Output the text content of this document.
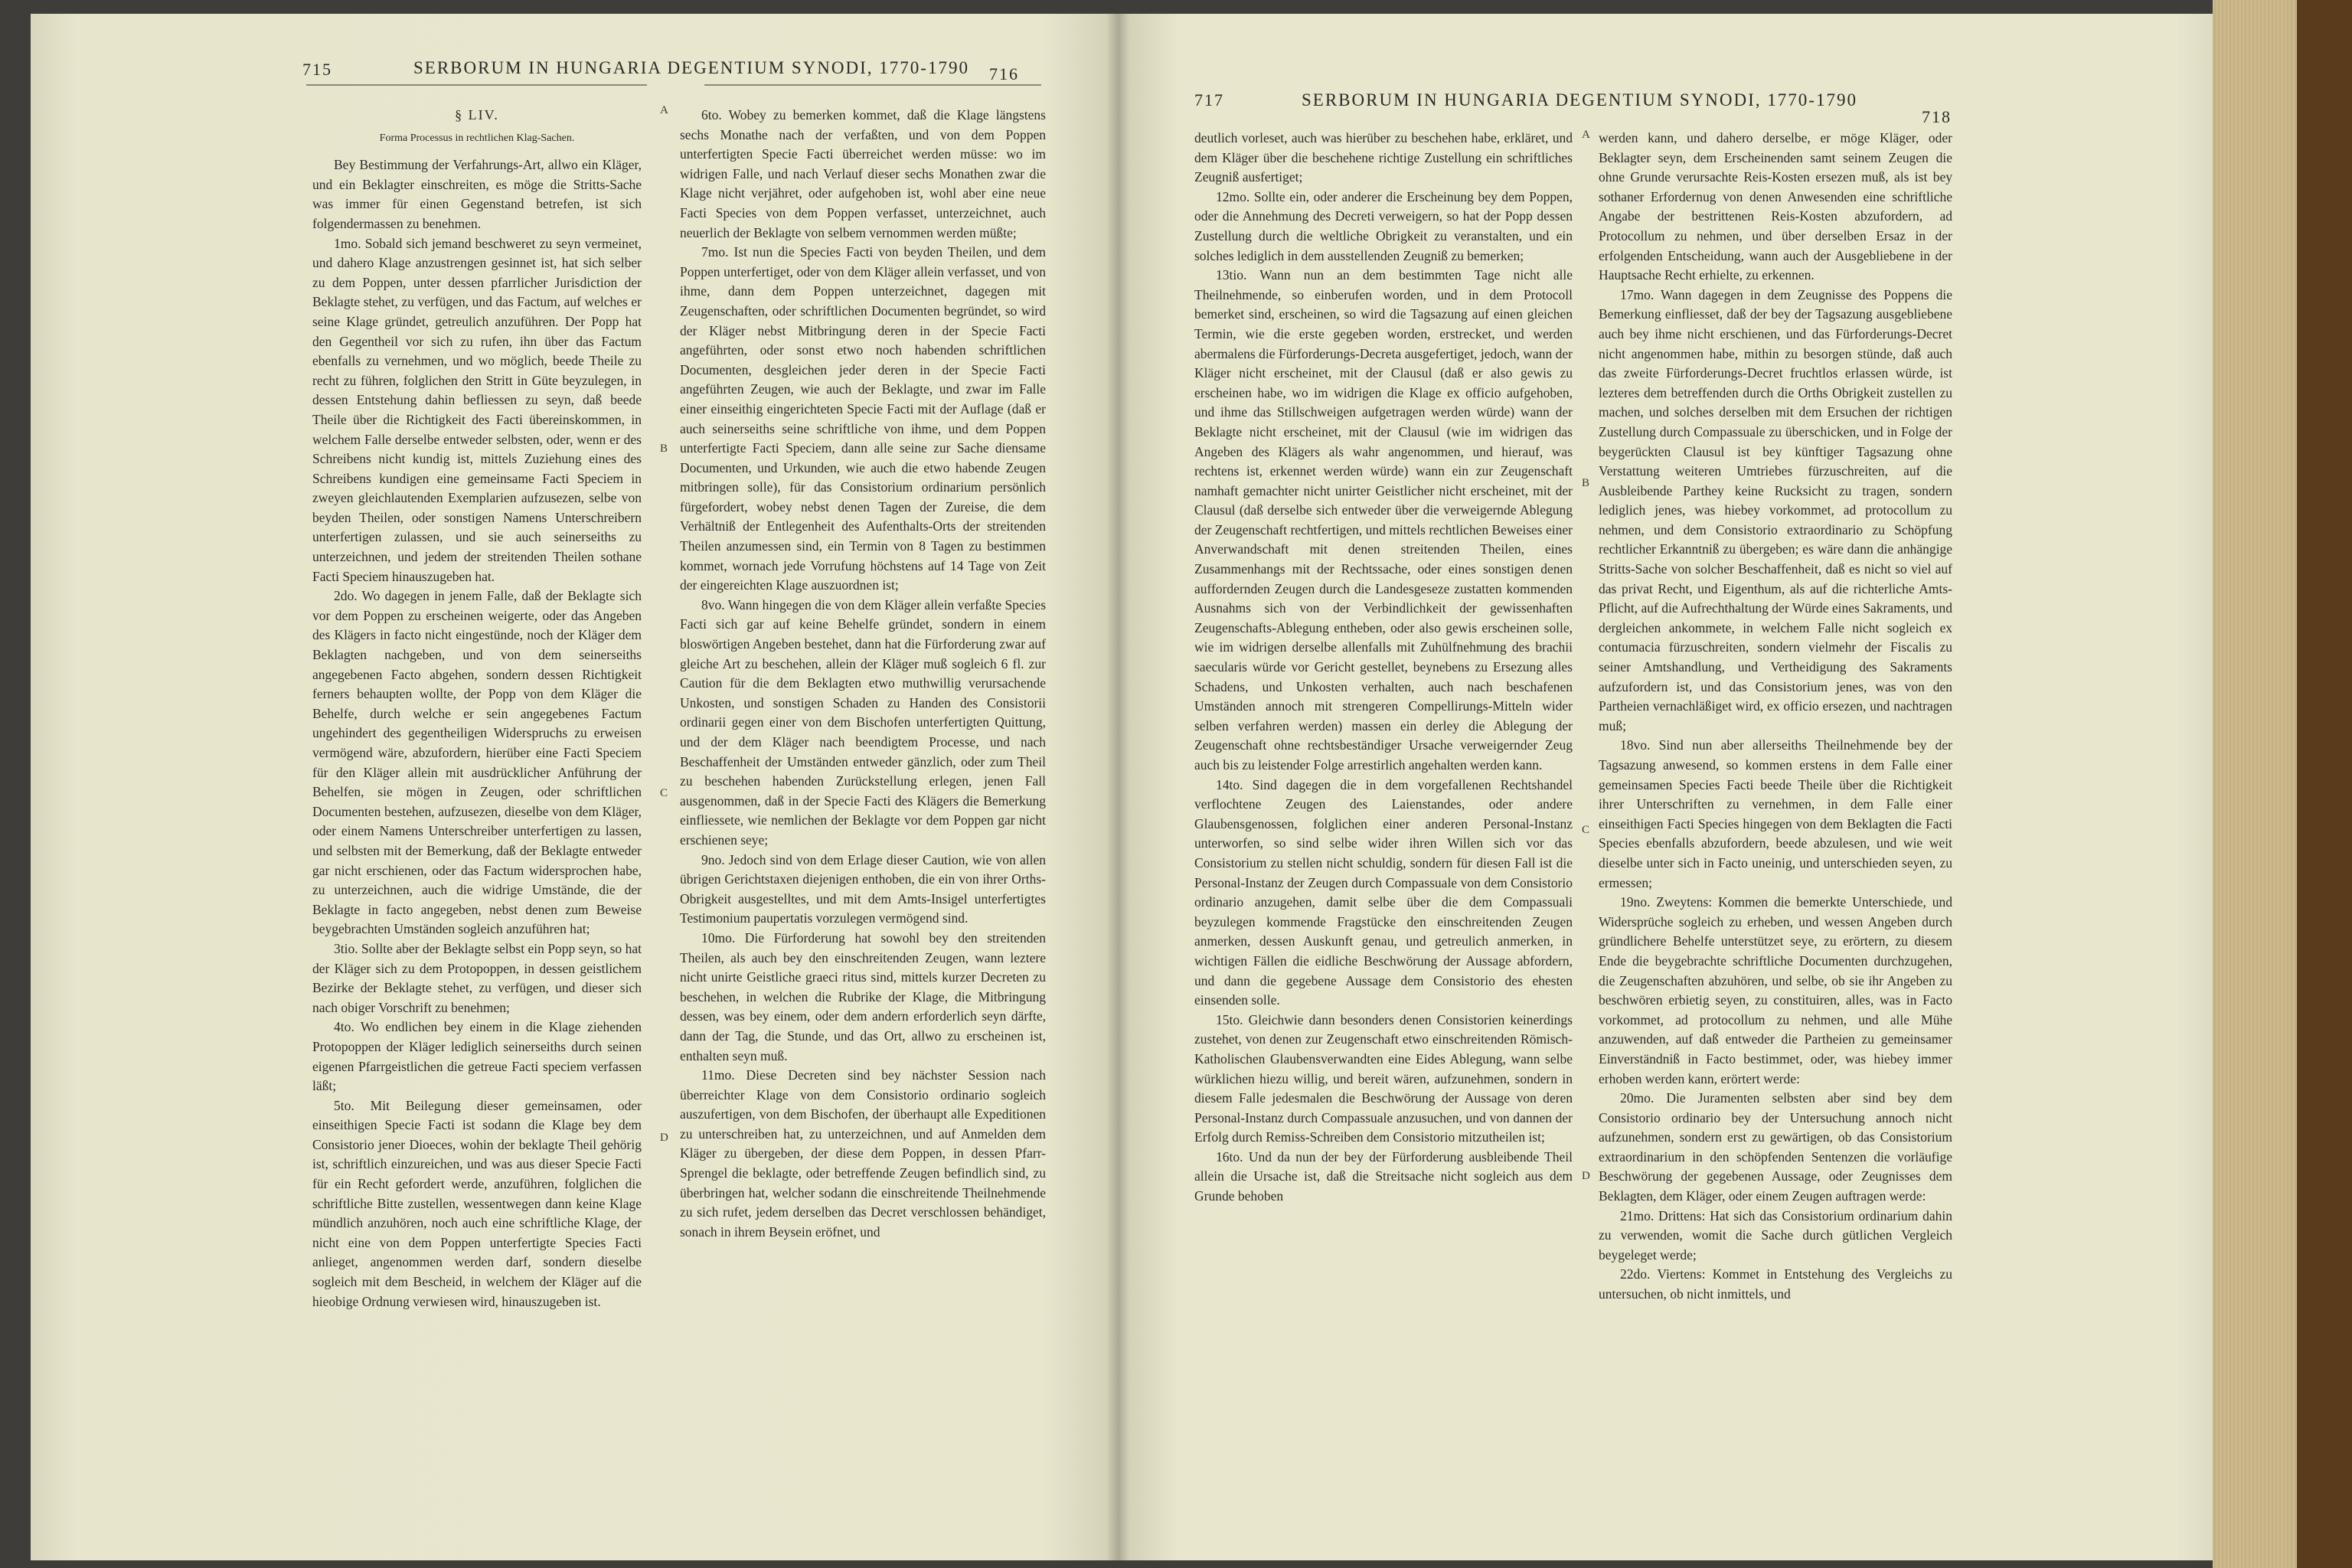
715	SERBORUM IN HUNGARIA DEGENTIUM SYNODI, 1770-1790 716
§ LIV.
Forma Processus in rechtlichen Klag-Sachen.

Bey Bestimmung der Verfahrungs-Art, allwo ein Kläger, und ein Beklagter einschreiten, es möge die Stritts-Sache was immer für einen Gegenstand betrefen, ist sich folgendermassen zu benehmen.

1mo. Sobald sich jemand beschweret zu seyn vermeinet, und dahero Klage anzustrengen gesinnet ist, hat sich selber zu dem Poppen, unter dessen pfarrlicher Jurisdiction der Beklagte stehet, zu verfügen, und das Factum, auf welches er seine Klage gründet, getreulich anzuführen. Der Popp hat den Gegentheil vor sich zu rufen, ihn über das Factum ebenfalls zu vernehmen, und wo möglich, beede Theile zu recht zu führen, folglichen den Stritt in Güte beyzulegen, in dessen Entstehung dahin befliessen zu seyn, daß beede Theile über die Richtigkeit des Facti übereinskommen, in welchem Falle derselbe entweder selbsten, oder, wenn er des Schreibens nicht kundig ist, mittels Zuziehung eines des Schreibens kundigen eine gemeinsame Facti Speciem in zweyen gleichlautenden Exemplarien aufzusezen, selbe von beyden Theilen, oder sonstigen Namens Unterschreibern unterfertigen zulassen, und sie auch seinerseiths zu unterzeichnen, und jedem der streitenden Theilen sothane Facti Speciem hinauszugeben hat.

2do. Wo dagegen in jenem Falle, daß der Beklagte sich vor dem Poppen zu erscheinen weigerte, oder das Angeben des Klägers in facto nicht eingestünde, noch der Kläger dem Beklagten nachgeben, und von dem seinerseiths angegebenen Facto abgehen, sondern dessen Richtigkeit ferners behaupten wollte, der Popp von dem Kläger die Behelfe, durch welche er sein angegebenes Factum ungehindert des gegentheiligen Widerspruchs zu erweisen vermögend wäre, abzufordern, hierüber eine Facti Speciem für den Kläger allein mit ausdrücklicher Anführung der Behelfen, sie mögen in Zeugen, oder schriftlichen Documenten bestehen, aufzusezen, dieselbe von dem Kläger, oder einem Namens Unterschreiber unterfertigen zu lassen, und selbsten mit der Bemerkung, daß der Beklagte entweder gar nicht erschienen, oder das Factum widersprochen habe, zu unterzeichnen, auch die widrige Umstände, die der Beklagte in facto angegeben, nebst denen zum Beweise beygebrachten Umständen sogleich anzuführen hat;

3tio. Sollte aber der Beklagte selbst ein Popp seyn, so hat der Kläger sich zu dem Protopoppen, in dessen geistlichem Bezirke der Beklagte stehet, zu verfügen, und dieser sich nach obiger Vorschrift zu benehmen;

4to. Wo endlichen bey einem in die Klage ziehenden Protopoppen der Kläger lediglich seinerseiths durch seinen eigenen Pfarrgeistlichen die getreue Facti speciem verfassen läßt;

5to. Mit Beilegung dieser gemeinsamen, oder einseithigen Specie Facti ist sodann die Klage bey dem Consistorio jener Dioeces, wohin der beklagte Theil gehörig ist, schriftlich einzureichen, und was aus dieser Specie Facti für ein Recht gefordert werde, anzuführen, folglichen die schriftliche Bitte zustellen, wessentwegen dann keine Klage mündlich anzuhören, noch auch eine schriftliche Klage, der nicht eine von dem Poppen unterfertigte Species Facti anlieget, angenommen werden darf, sondern dieselbe sogleich mit dem Bescheid, in welchem der Kläger auf die hieobige Ordnung verwiesen wird, hinauszugeben ist.

6to. Wobey zu bemerken kommet, daß die Klage längstens sechs Monathe nach der verfaßten, und von dem Poppen unterfertigten Specie Facti überreichet werden müsse: wo im widrigen Falle, und nach Verlauf dieser sechs Monathen zwar die Klage nicht verjähret, oder aufgehoben ist, wohl aber eine neue Facti Species von dem Poppen verfasset, unterzeichnet, auch neuerlich der Beklagte von selbem vernommen werden müßte;

7mo. Ist nun die Species Facti von beyden Theilen, und dem Poppen unterfertiget, oder von dem Kläger allein verfasset, und von ihme, dann dem Poppen unterzeichnet, dagegen mit Zeugenschaften, oder schriftlichen Documenten begründet, so wird der Kläger nebst Mitbringung deren in der Specie Facti angeführten, oder sonst etwo noch habenden schriftlichen Documenten, desgleichen jeder deren in der Specie Facti angeführten Zeugen, wie auch der Beklagte, und zwar im Falle einer einseithig eingerichteten Specie Facti mit der Auflage (daß er auch seinerseiths seine schriftliche von ihme, und dem Poppen unterfertigte Facti Speciem, dann alle seine zur Sache diensame Documenten, und Urkunden, wie auch die etwo habende Zeugen mitbringen solle), für das Consistorium ordinarium persönlich fürgefordert, wobey nebst denen Tagen der Zureise, die dem Verhältniß der Entlegenheit des Aufenthalts-Orts der streitenden Theilen anzumessen sind, ein Termin von 8 Tagen zu bestimmen kommet, wornach jede Vorrufung höchstens auf 14 Tage von Zeit der eingereichten Klage auszuordnen ist;

8vo. Wann hingegen die von dem Kläger allein verfaßte Species Facti sich gar auf keine Behelfe gründet, sondern in einem bloswörtigen Angeben bestehet, dann hat die Fürforderung zwar auf gleiche Art zu beschehen, allein der Kläger muß sogleich 6 fl. zur Caution für die dem Beklagten etwo muthwillig verursachende Unkosten, und sonstigen Schaden zu Handen des Consistorii ordinarii gegen einer von dem Bischofen unterfertigten Quittung, und der dem Kläger nach beendigtem Processe, und nach Beschaffenheit der Umständen entweder gänzlich, oder zum Theil zu beschehen habenden Zurückstellung erlegen, jenen Fall ausgenommen, daß in der Specie Facti des Klägers die Bemerkung einfliessete, wie nemlichen der Beklagte vor dem Poppen gar nicht erschienen seye;

9no. Jedoch sind von dem Erlage dieser Caution, wie von allen übrigen Gerichtstaxen diejenigen enthoben, die ein von ihrer Orths-Obrigkeit ausgestelltes, und mit dem Amts-Insigel unterfertigtes Testimonium paupertatis vorzulegen vermögend sind.

10mo. Die Fürforderung hat sowohl bey den streitenden Theilen, als auch bey den einschreitenden Zeugen, wann leztere nicht unirte Geistliche graeci ritus sind, mittels kurzer Decreten zu beschehen, in welchen die Rubrike der Klage, die Mitbringung dessen, was bey einem, oder dem andern erforderlich seyn därfte, dann der Tag, die Stunde, und das Ort, allwo zu erscheinen ist, enthalten seyn muß.

11mo. Diese Decreten sind bey nächster Session nach überreichter Klage von dem Consistorio ordinario sogleich auszufertigen, von dem Bischofen, der überhaupt alle Expeditionen zu unterschreiben hat, zu unterzeichnen, und auf Anmelden dem Kläger zu übergeben, der diese dem Poppen, in dessen Pfarr-Sprengel die beklagte, oder betreffende Zeugen befindlich sind, zu überbringen hat, welcher sodann die einschreitende Theilnehmende zu sich rufet, jedem derselben das Decret verschlossen behändiget, sonach in ihrem Beysein eröfnet, und

A
B
C
D
717	SERBORUM IN HUNGARIA DEGENTIUM SYNODI, 1770-1790
718

deutlich vorleset, auch was hierüber zu beschehen habe, erkläret, und dem Kläger über die beschehene richtige Zustellung ein schriftliches Zeugniß ausfertiget;

12mo. Sollte ein, oder anderer die Erscheinung bey dem Poppen, oder die Annehmung des Decreti verweigern, so hat der Popp dessen Zustellung durch die weltliche Obrigkeit zu veranstalten, und ein solches lediglich in dem ausstellenden Zeugniß zu bemerken;

13tio. Wann nun an dem bestimmten Tage nicht alle Theilnehmende, so einberufen worden, und in dem Protocoll bemerket sind, erscheinen, so wird die Tagsazung auf einen gleichen Termin, wie die erste gegeben worden, erstrecket, und werden abermalens die Fürforderungs-Decreta ausgefertiget, jedoch, wann der Kläger nicht erscheinet, mit der Clausul (daß er also gewis zu erscheinen habe, wo im widrigen die Klage ex officio aufgehoben, und ihme das Stillschweigen aufgetragen werden würde) wann der Beklagte nicht erscheinet, mit der Clausul (wie im widrigen das Angeben des Klägers als wahr angenommen, und hierauf, was rechtens ist, erkennet werden würde) wann ein zur Zeugenschaft namhaft gemachter nicht unirter Geistlicher nicht erscheinet, mit der Clausul (daß derselbe sich entweder über die verweigernde Ablegung der Zeugenschaft rechtfertigen, und mittels rechtlichen Beweises einer Anverwandschaft mit denen streitenden Theilen, eines Zusammenhangs mit der Rechtssache, oder eines sonstigen denen auffordernden Zeugen durch die Landesgeseze zustatten kommenden Ausnahms sich von der Verbindlichkeit der gewissenhaften Zeugenschafts-Ablegung entheben, oder also gewis erscheinen solle, wie im widrigen derselbe allenfalls mit Zuhülfnehmung des brachii saecularis würde vor Gericht gestellet, beynebens zu Ersezung alles Schadens, und Unkosten verhalten, auch nach beschafenen Umständen annoch mit strengeren Compellirungs-Mitteln wider selben verfahren werden) massen ein derley die Ablegung der Zeugenschaft ohne rechtsbeständiger Ursache verweigernder Zeug auch bis zu leistender Folge arrestirlich angehalten werden kann.

14to. Sind dagegen die in dem vorgefallenen Rechtshandel verflochtene Zeugen des Laienstandes, oder andere Glaubensgenossen, folglichen einer anderen Personal-Instanz unterworfen, so sind selbe wider ihren Willen sich vor das Consistorium zu stellen nicht schuldig, sondern für diesen Fall ist die Personal-Instanz der Zeugen durch Compassuale von dem Consistorio ordinario anzugehen, damit selbe über die dem Compassuali beyzulegen kommende Fragstücke den einschreitenden Zeugen anmerken, dessen Auskunft genau, und getreulich anmerken, in wichtigen Fällen die eidliche Beschwörung der Aussage abfordern, und dann die gegebene Aussage dem Consistorio des ehesten einsenden solle.

15to. Gleichwie dann besonders denen Consistorien keinerdings zustehet, von denen zur Zeugenschaft etwo einschreitenden Römisch-Katholischen Glaubensverwandten eine Eides Ablegung, wann selbe würklichen hiezu willig, und bereit wären, aufzunehmen, sondern in diesem Falle jedesmalen die Beschwörung der Aussage von deren Personal-Instanz durch Compassuale anzusuchen, und von dannen der Erfolg durch Remiss-Schreiben dem Consistorio mitzutheilen ist;

16to. Und da nun der bey der Fürforderung ausbleibende Theil allein die Ursache ist, daß die Streitsache nicht sogleich aus dem Grunde behoben

werden kann, und dahero derselbe, er möge Kläger, oder Beklagter seyn, dem Erscheinenden samt seinem Zeugen die ohne Grunde verursachte Reis-Kosten ersezen muß, als ist bey sothaner Erfordernug von denen Anwesenden eine schriftliche Angabe der bestrittenen Reis-Kosten abzufordern, ad Protocollum zu nehmen, und über derselben Ersaz in der erfolgenden Entscheidung, wann auch der Ausgebliebene in der Hauptsache Recht erhielte, zu erkennen.

17mo. Wann dagegen in dem Zeugnisse des Poppens die Bemerkung einfliesset, daß der bey der Tagsazung ausgebliebene auch bey ihme nicht erschienen, und das Fürforderungs-Decret nicht angenommen habe, mithin zu besorgen stünde, daß auch das zweite Fürforderungs-Decret fruchtlos erlassen würde, ist lezteres dem betreffenden durch die Orths Obrigkeit zustellen zu machen, und solches derselben mit dem Ersuchen der richtigen Zustellung durch Compassuale zu überschicken, und in Folge der beygerückten Clausul ist bey künftiger Tagsazung ohne Verstattung weiteren Umtriebes fürzuschreiten, auf die Ausbleibende Parthey keine Rucksicht zu tragen, sondern lediglich jenes, was hiebey vorkommet, ad protocollum zu nehmen, und dem Consistorio extraordinario zu Schöpfung rechtlicher Erkanntniß zu übergeben; es wäre dann die anhängige Stritts-Sache von solcher Beschaffenheit, daß es nicht so viel auf das privat Recht, und Eigenthum, als auf die richterliche Amts-Pflicht, auf die Aufrechthaltung der Würde eines Sakraments, und dergleichen ankommete, in welchem Falle nicht sogleich ex contumacia fürzuschreiten, sondern vielmehr der Fiscalis zu seiner Amtshandlung, und Vertheidigung des Sakraments aufzufordern ist, und das Consistorium jenes, was von den Partheien vernachläßiget wird, ex officio ersezen, und nachtragen muß;

18vo. Sind nun aber allerseiths Theilnehmende bey der Tagsazung anwesend, so kommen erstens in dem Falle einer gemeinsamen Species Facti beede Theile über die Richtigkeit ihrer Unterschriften zu vernehmen, in dem Falle einer einseithigen Facti Species hingegen von dem Beklagten die Facti Species ebenfalls abzufordern, beede abzulesen, und wie weit dieselbe unter sich in Facto uneinig, und unterschieden seyen, zu ermessen;

19no. Zweytens: Kommen die bemerkte Unterschiede, und Widersprüche sogleich zu erheben, und wessen Angeben durch gründlichere Behelfe unterstützet seye, zu erörtern, zu diesem Ende die beygebrachte schriftliche Documenten durchzugehen, die Zeugenschaften abzuhören, und selbe, ob sie ihr Angeben zu beschwören erbietig seyen, zu constituiren, alles, was in Facto vorkommet, ad protocollum zu nehmen, und alle Mühe anzuwenden, auf daß entweder die Partheien zu gemeinsamer Einverständniß in Facto bestimmet, oder, was hiebey immer erhoben werden kann, erörtert werde:

20mo. Die Juramenten selbsten aber sind bey dem Consistorio ordinario bey der Untersuchung annoch nicht aufzunehmen, sondern erst zu gewärtigen, ob das Consistorium extraordinarium in den schöpfenden Sentenzen die vorläufige Beschwörung der gegebenen Aussage, oder Zeugnisses dem Beklagten, dem Kläger, oder einem Zeugen auftragen werde:

21mo. Drittens: Hat sich das Consistorium ordinarium dahin zu verwenden, womit die Sache durch gütlichen Vergleich beygeleget werde;

22do. Viertens: Kommet in Entstehung des Vergleichs zu untersuchen, ob nicht inmittels, und

A
B
C
D
